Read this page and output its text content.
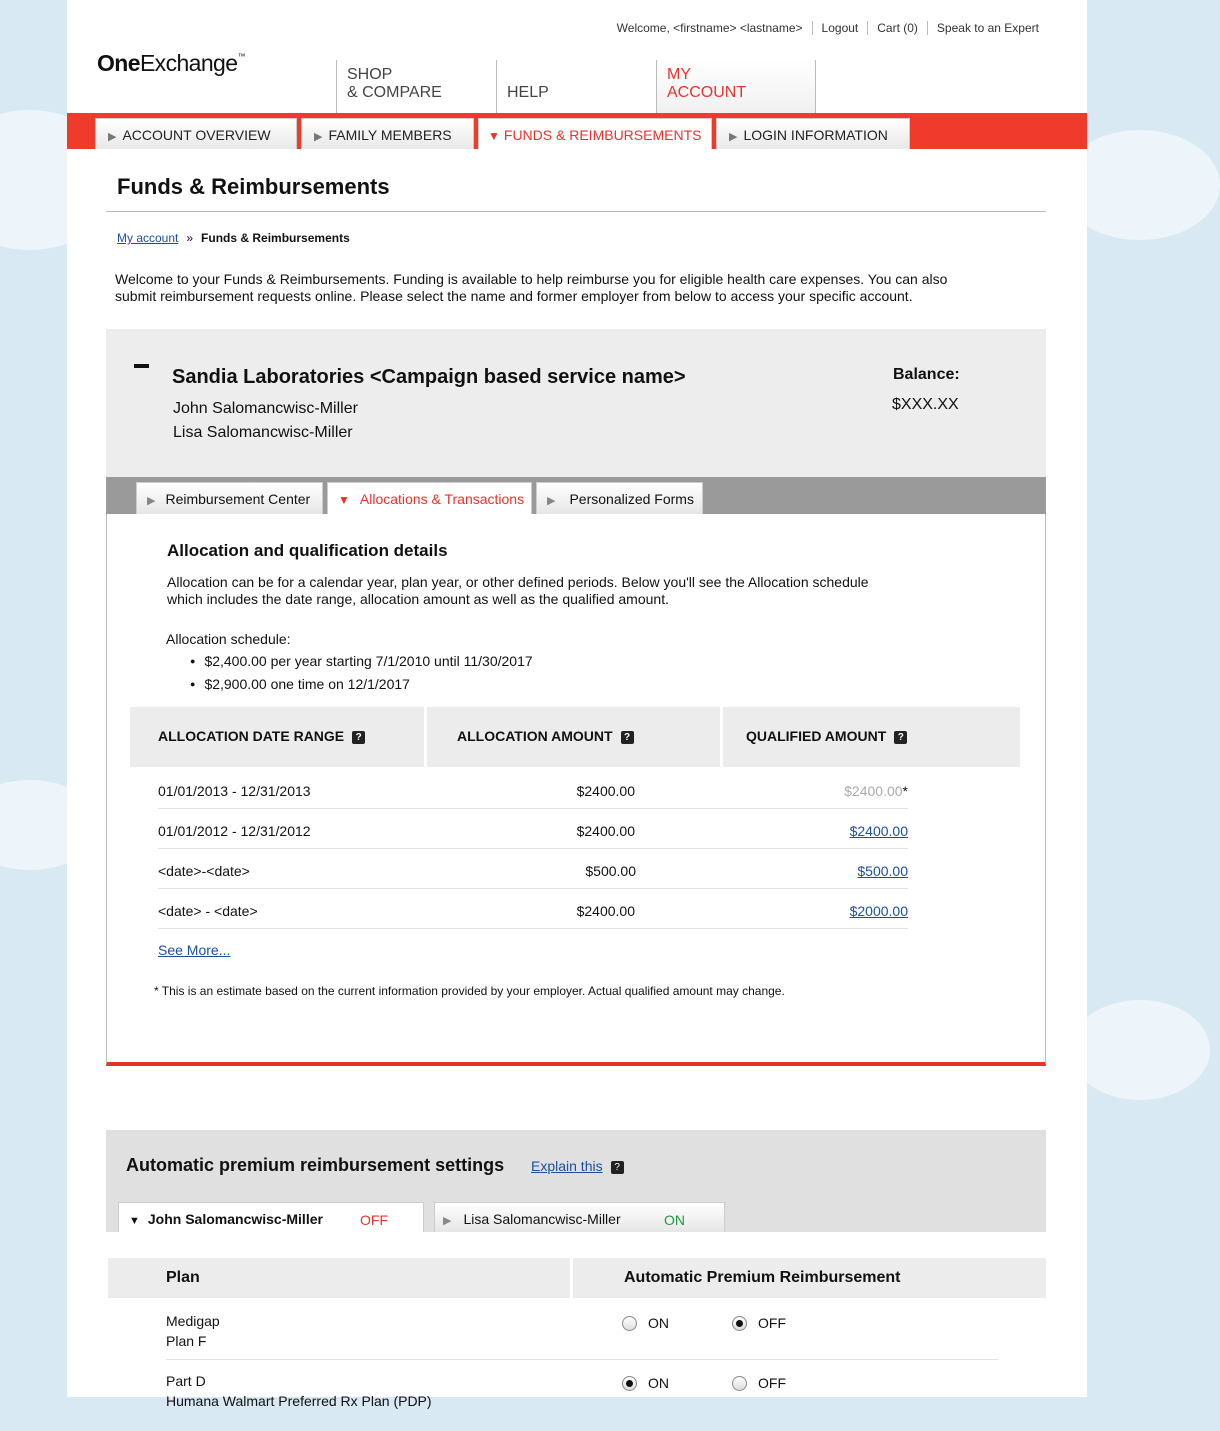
Welcome, <firstname> <lastname>	Logout	Cart (0)	Speak to an Expert
OneExchange™
SHOP
& COMPARE	HELP
MY
ACCOUNT
▶ ACCOUNT OVERVIEW	▶ FAMILY MEMBERS	▼ FUNDS & REIMBURSEMENTS	▶ LOGIN INFORMATION
Funds & Reimbursements
My account » Funds & Reimbursements

Welcome to your Funds & Reimbursements. Funding is available to help reimburse you for eligible health care expenses. You can also submit reimbursement requests online. Please select the name and former employer from below to access your specific account.

Sandia Laboratories <Campaign based service name>
John Salomancwisc-Miller
Lisa Salomancwisc-Miller
Balance:
$XXX.XX
▶ Reimbursement Center	▼ Allocations & Transactions	▶ Personalized Forms
Allocation and qualification details

Allocation can be for a calendar year, plan year, or other defined periods. Below you'll see the Allocation schedule which includes the date range, allocation amount as well as the qualified amount.

Allocation schedule:
● $2,400.00 per year starting 7/1/2010 until 11/30/2017
● $2,900.00 one time on 12/1/2017
ALLOCATION DATE RANGE ?	ALLOCATION AMOUNT ?	QUALIFIED AMOUNT ?
01/01/2013 - 12/31/2013	$2400.00	$2400.00*
01/01/2012 - 12/31/2012	$2400.00	$2400.00
<date>-<date>	$500.00	$500.00
<date> - <date>	$2400.00	$2000.00
See More...
* This is an estimate based on the current information provided by your employer. Actual qualified amount may change.
Automatic premium reimbursement settings Explain this ?
▼ John Salomancwisc-Miller	OFF	▶ Lisa Salomancwisc-Miller	ON
Plan	Automatic Premium Reimbursement
Medigap
Plan F
ON	OFF
Part D
Humana Walmart Preferred Rx Plan (PDP)
ON	OFF
